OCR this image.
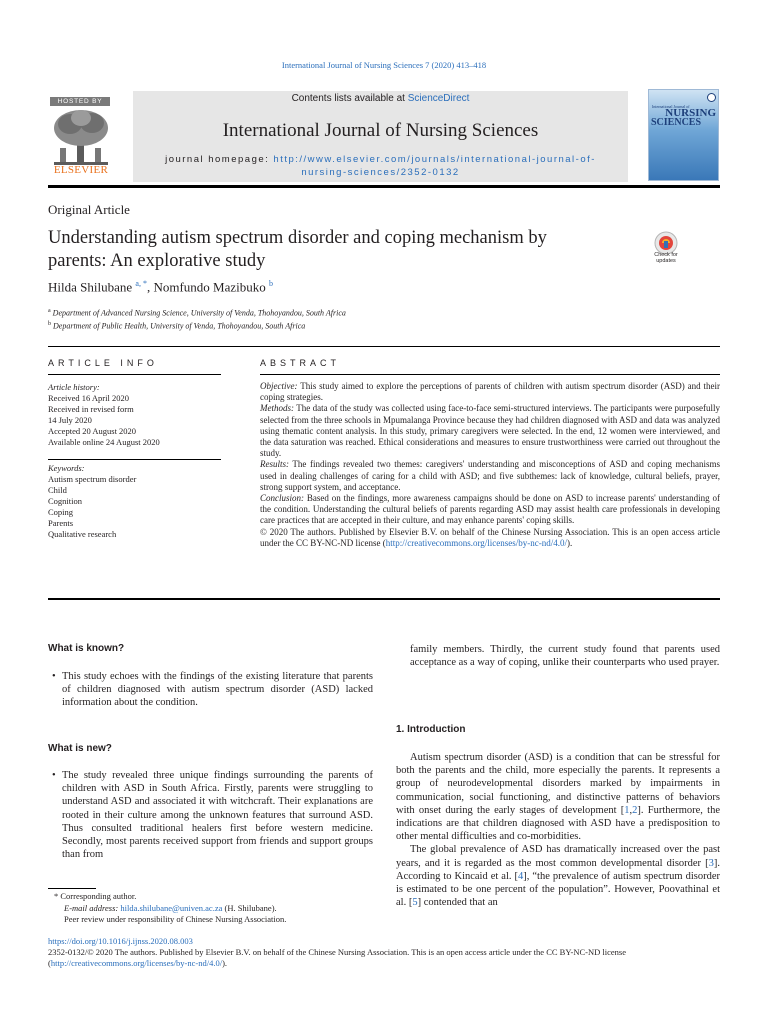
International Journal of Nursing Sciences 7 (2020) 413–418
HOSTED BY
ELSEVIER
Contents lists available at ScienceDirect
International Journal of Nursing Sciences
journal homepage: http://www.elsevier.com/journals/international-journal-of-
nursing-sciences/2352-0132
International Journal of
NURSING
SCIENCES
Original Article
Understanding autism spectrum disorder and coping mechanism by
parents: An explorative study	Check for updates
Hilda Shilubane $^{a, *}$, Nomfundo Mazibuko $^b$
$^a$ Department of Advanced Nursing Science, University of Venda, Thohoyandou, South Africa
$^b$ Department of Public Health, University of Venda, Thohoyandou, South Africa
ARTICLE INFO	ABSTRACT
Article history:
Received 16 April 2020
Received in revised form
14 July 2020
Accepted 20 August 2020
Available online 24 August 2020
Keywords:
Autism spectrum disorder
Child
Cognition
Coping
Parents
Qualitative research

Objective: This study aimed to explore the perceptions of parents of children with autism spectrum disorder (ASD) and their coping strategies.

Methods: The data of the study was collected using face-to-face semi-structured interviews. The participants were purposefully selected from the three schools in Mpumalanga Province because they had children diagnosed with ASD and data was analyzed using thematic content analysis. In this study, primary caregivers were selected. In the end, 12 women were interviewed, and the data saturation was reached. Ethical considerations and measures to ensure trustworthiness were carried out throughout the study.

Results: The findings revealed two themes: caregivers' understanding and misconceptions of ASD and coping mechanisms used in dealing challenges of caring for a child with ASD; and five subthemes: lack of knowledge, cultural beliefs, prayer, strong support system, and acceptance.

Conclusion: Based on the findings, more awareness campaigns should be done on ASD to increase parents' understanding of the condition. Understanding the cultural beliefs of parents regarding ASD may assist health care professionals in developing care practices that are accepted in their culture, and may enhance parents' coping skills.

© 2020 The authors. Published by Elsevier B.V. on behalf of the Chinese Nursing Association. This is an open access article under the CC BY-NC-ND license (http://creativecommons.org/licenses/by-nc-nd/4.0/).

What is known?
• This study echoes with the findings of the existing literature that parents of children diagnosed with autism spectrum disorder (ASD) lacked information about the condition.
What is new?
• The study revealed three unique findings surrounding the parents of children with ASD in South Africa. Firstly, parents were struggling to understand ASD and associated it with witchcraft. Their explanations are rooted in their culture among the unknown features that surround ASD. Thus consulted traditional healers first before western medicine. Secondly, most parents received support from friends and support groups than from
* Corresponding author.
E-mail address: hilda.shilubane@univen.ac.za (H. Shilubane).
Peer review under responsibility of Chinese Nursing Association.
family members. Thirdly, the current study found that parents used acceptance as a way of coping, unlike their counterparts who used prayer.
1. Introduction

Autism spectrum disorder (ASD) is a condition that can be stressful for both the parents and the child, more especially the parents. It represents a group of neurodevelopmental disorders marked by impairments in communication, social functioning, and distinctive patterns of behaviors with onset during the early stages of development [1,2]. Furthermore, the indications are that children diagnosed with ASD have a predisposition to other mental difficulties and co-morbidities.

The global prevalence of ASD has dramatically increased over the past years, and it is regarded as the most common developmental disorder [3]. According to Kincaid et al. [4], “the prevalence of autism spectrum disorder is estimated to be one percent of the population”. However, Poovathinal et al. [5] contended that an

https://doi.org/10.1016/j.ijnss.2020.08.003
2352-0132/© 2020 The authors. Published by Elsevier B.V. on behalf of the Chinese Nursing Association. This is an open access article under the CC BY-NC-ND license (http://creativecommons.org/licenses/by-nc-nd/4.0/).
